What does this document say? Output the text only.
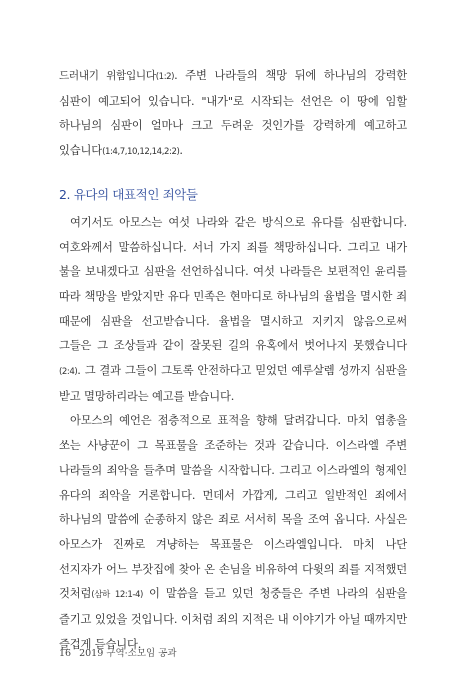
드러내기 위함입니다(1:2). 주변 나라들의 책망 뒤에 하나님의 강력한 심판이 예고되어 있습니다. "내가"로 시작되는 선언은 이 땅에 임할 하나님의 심판이 얼마나 크고 두려운 것인가를 강력하게 예고하고 있습니다(1:4,7,10,12,14,2:2).

2. 유다의 대표적인 죄악들

여기서도 아모스는 여섯 나라와 같은 방식으로 유다를 심판합니다. 여호와께서 말씀하십니다. 서너 가지 죄를 책망하십니다. 그리고 내가 불을 보내겠다고 심판을 선언하십니다. 여섯 나라들은 보편적인 윤리를 따라 책망을 받았지만 유다 민족은 현마디로 하나님의 율법을 멸시한 죄 때문에 심판을 선고받습니다. 율법을 멸시하고 지키지 않음으로써 그들은 그 조상들과 같이 잘못된 길의 유혹에서 벗어나지 못했습니다(2:4). 그 결과 그들이 그토록 안전하다고 믿었던 예루살렘 성까지 심판을 받고 멸망하리라는 예고를 받습니다.

아모스의 예언은 점층적으로 표적을 향해 달려갑니다. 마치 엽총을 쏘는 사냥꾼이 그 목표물을 조준하는 것과 같습니다. 이스라엘 주변 나라들의 죄악을 들추며 말씀을 시작합니다. 그리고 이스라엘의 형제인 유다의 죄악을 거론합니다. 먼데서 가깝게, 그리고 일반적인 죄에서 하나님의 말씀에 순종하지 않은 죄로 서서히 목을 조여 옵니다. 사실은 아모스가 진짜로 겨냥하는 목표물은 이스라엘입니다. 마치 나단 선지자가 어느 부잣집에 찾아 온 손님을 비유하여 다윗의 죄를 지적했던 것처럼(삼하 12:1-4) 이 말씀을 듣고 있던 청중들은 주변 나라의 심판을 즐기고 있었을 것입니다. 이처럼 죄의 지적은 내 이야기가 아닐 때까지만 즐겁게 듣습니다.

16 2019 구역·소모임 공과
